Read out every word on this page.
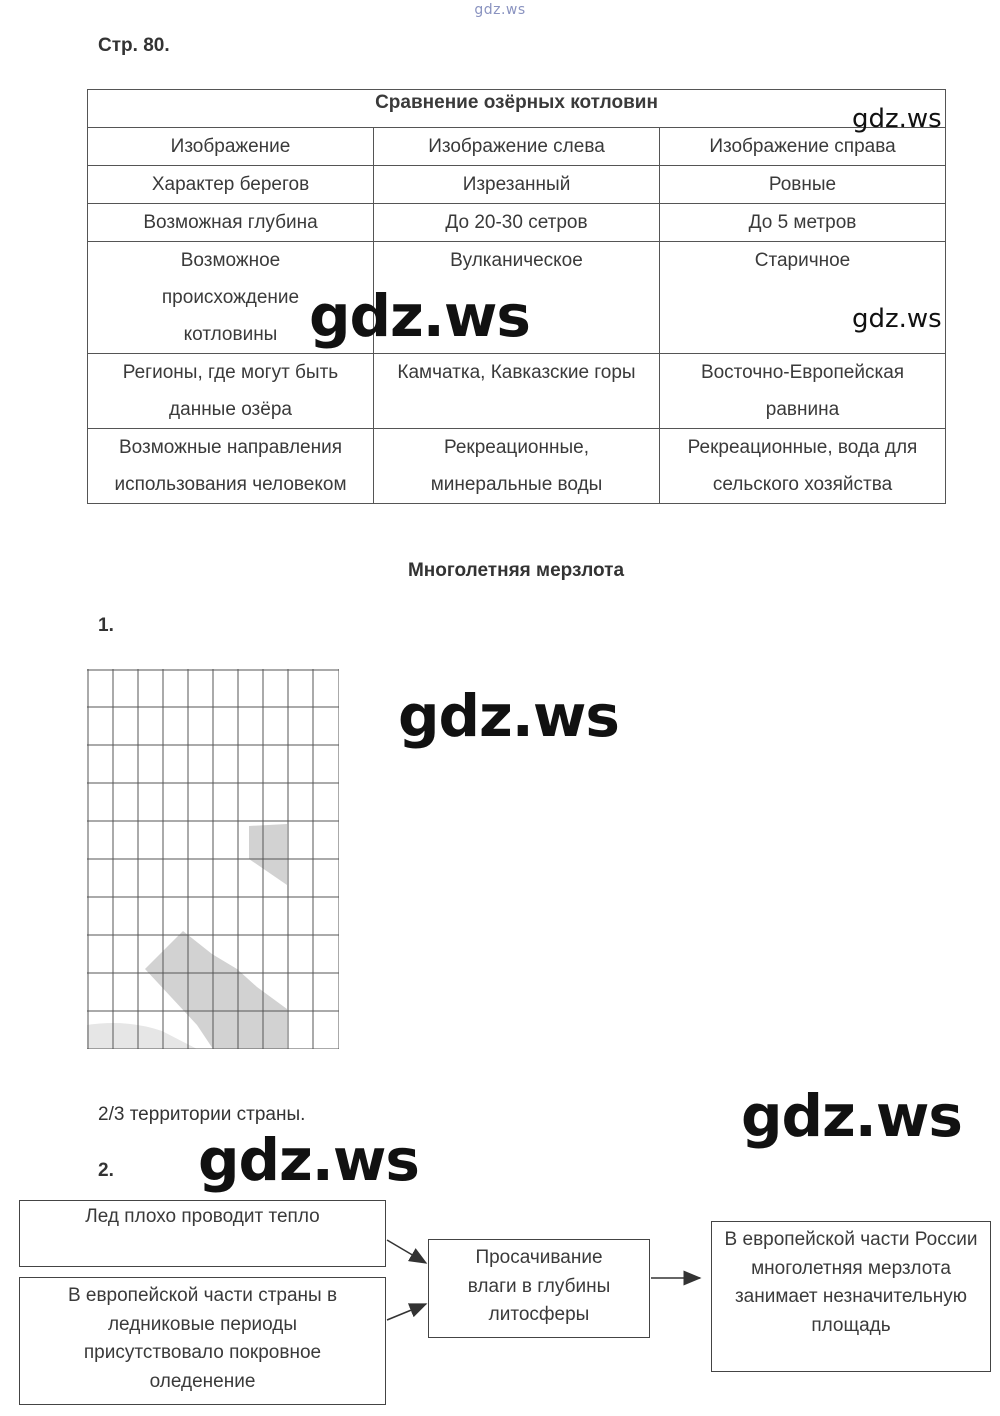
gdz.ws
Стр. 80.
Сравнение озёрных котловин		
Изображение	Изображение слева	Изображение справа
Характер берегов	Изрезанный	Ровные
Возможная глубина	До 20-30 сетров	До 5 метров
Возможное происхождение котловины	Вулканическое	Старичное
Регионы, где могут быть данные озёра	Камчатка, Кавказские горы	Восточно-Европейская равнина
Возможные направления использования человеком	Рекреационные, минеральные воды	Рекреационные, вода для сельского хозяйства
gdz.ws
gdz.ws	gdz.ws
gdz.ws
gdz.ws
gdz.ws
Многолетняя мерзлота
1.
2/3 территории страны.
2.
Лед плохо проводит тепло
В европейской части страны в ледниковые периоды присутствовало покровное оледенение
Просачивание влаги в глубины литосферы
В европейской части России многолетняя мерзлота занимает незначительную площадь
